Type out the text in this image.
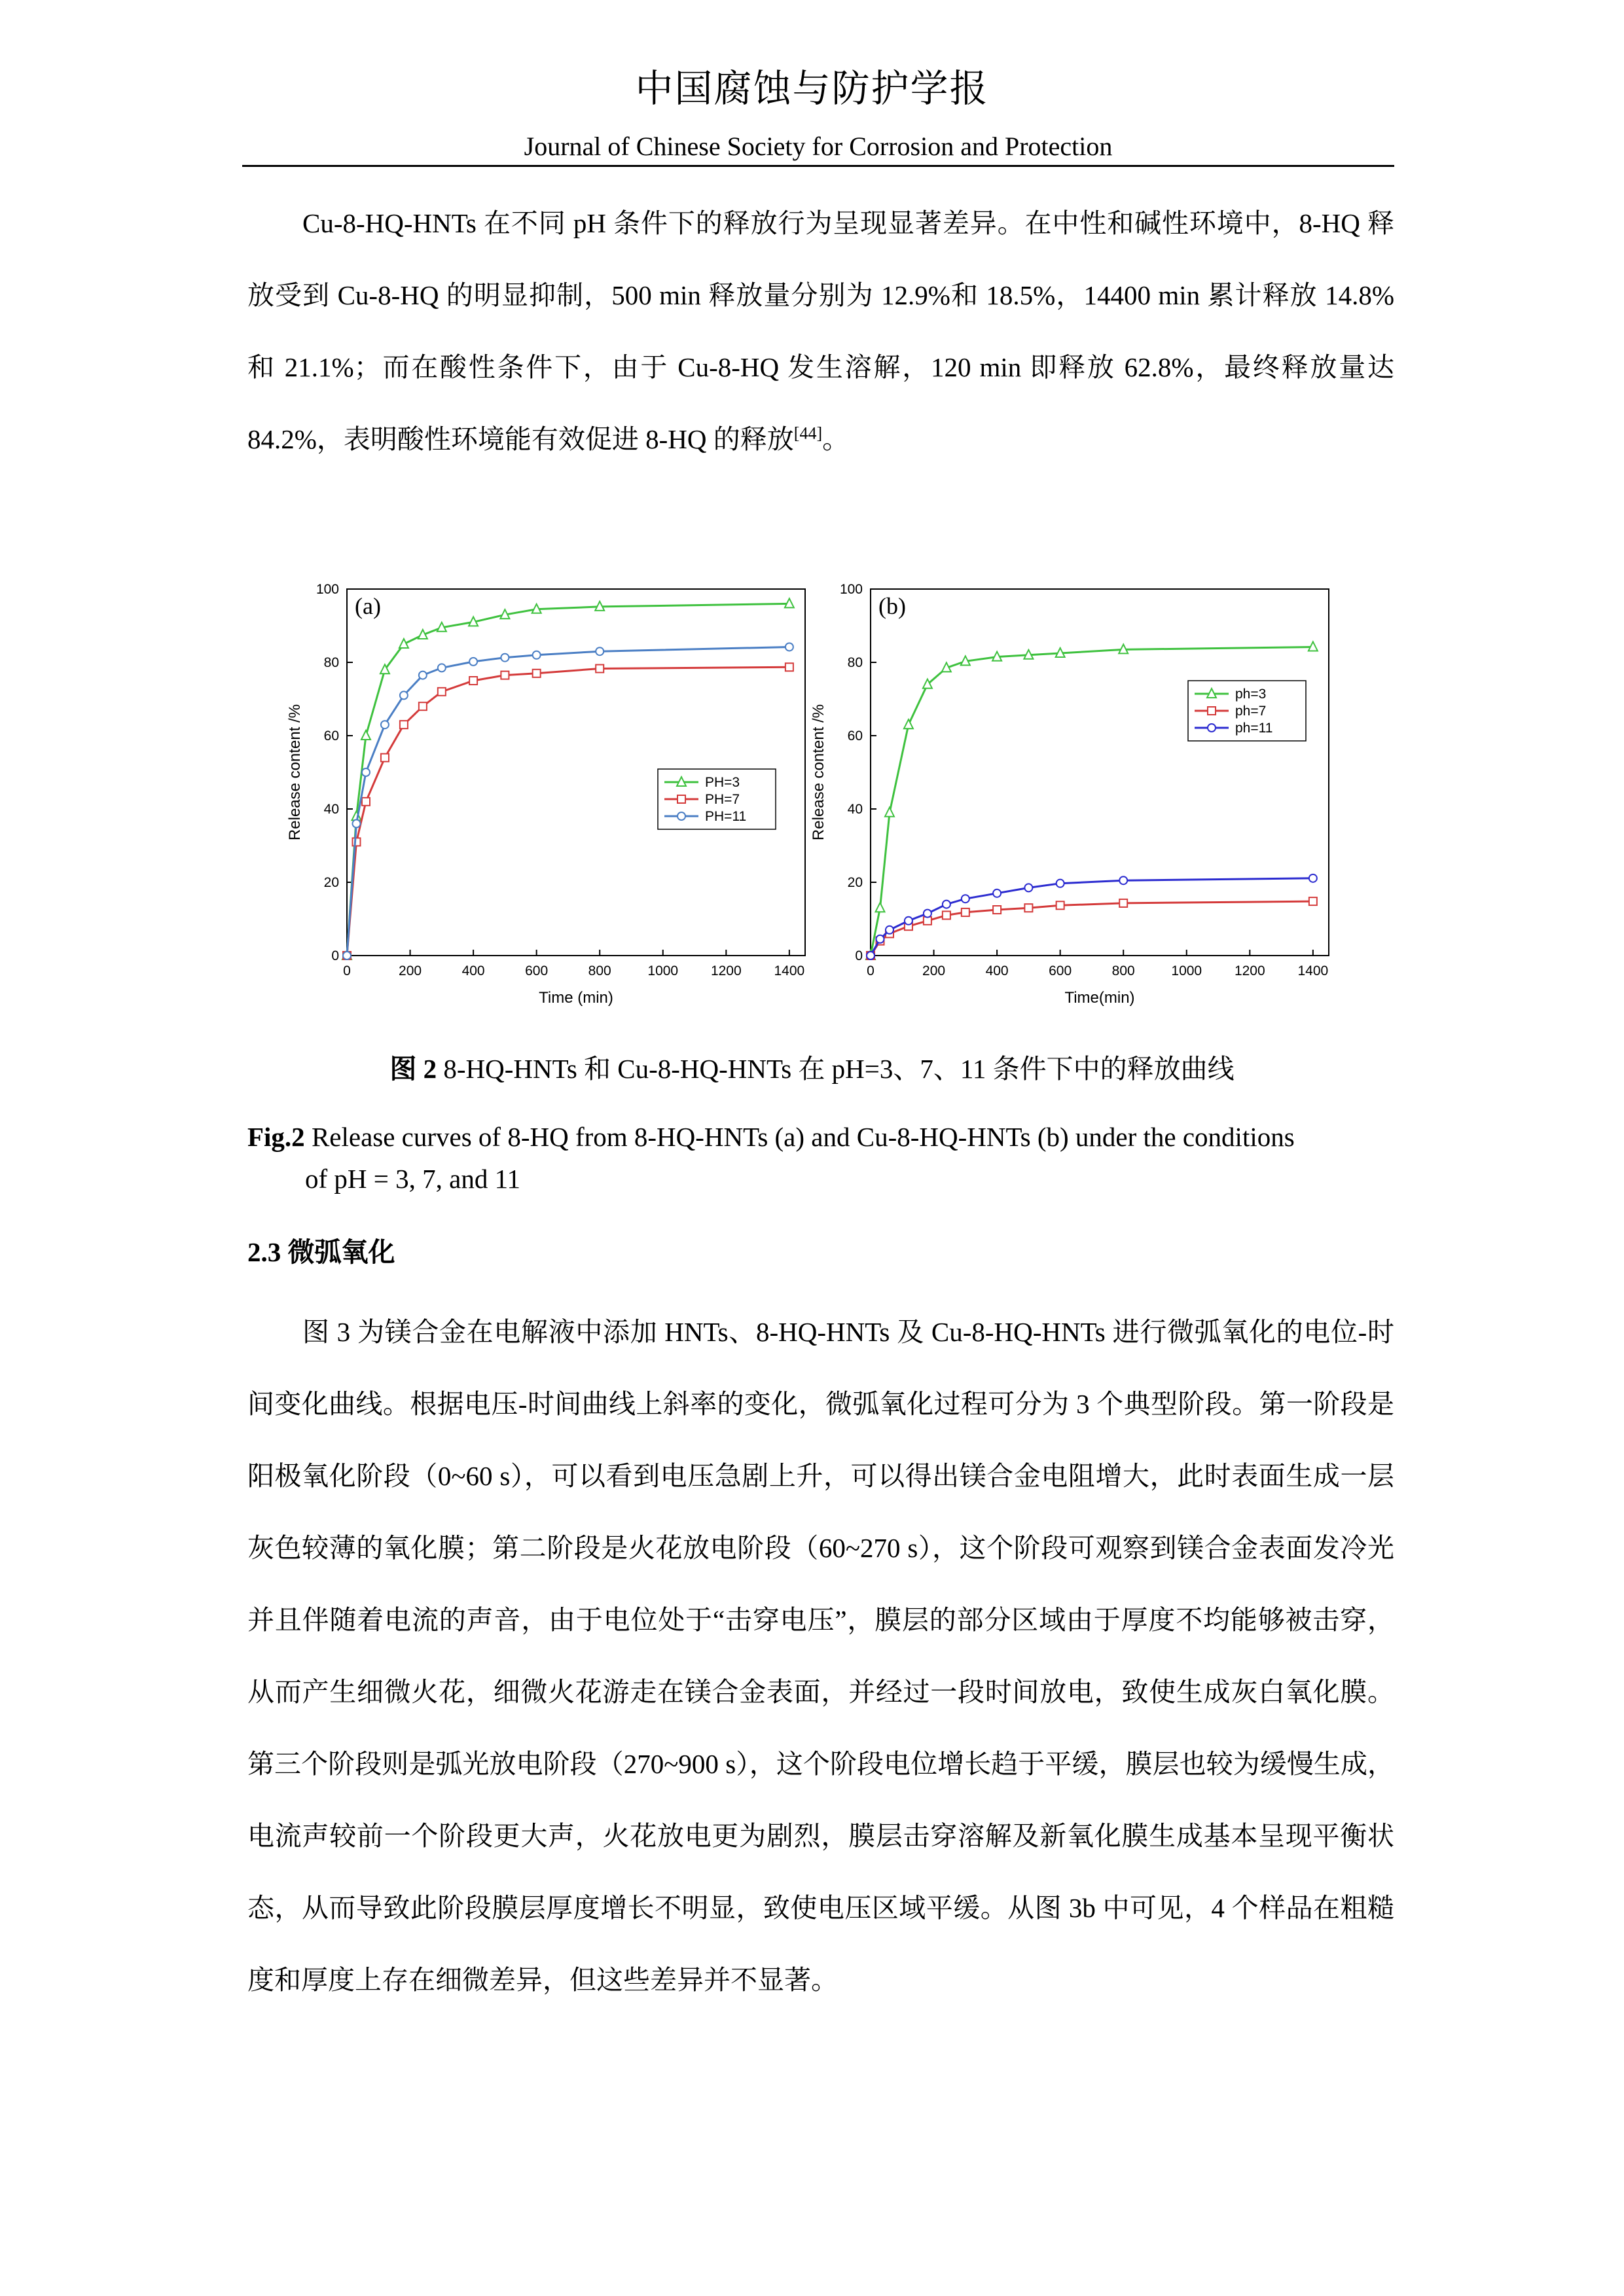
中国腐蚀与防护学报
Journal of Chinese Society for Corrosion and Protection

Cu-8-HQ-HNTs 在不同 pH 条件下的释放行为呈现显著差异。在中性和碱性环境中，8-HQ 释放受到 Cu-8-HQ 的明显抑制，500 min 释放量分别为 12.9%和 18.5%，14400 min 累计释放 14.8%和 21.1%；而在酸性条件下，由于 Cu-8-HQ 发生溶解，120 min 即释放 62.8%，最终释放量达 84.2%，表明酸性环境能有效促进 8-HQ 的释放[44]。

0
20
40
60
80
100
0	200	400	600	800	1000 1200 1400
Time (min)
Release content /%
(a)
PH=3
PH=7
PH=11
0
20
40
60
80
100
0	200	400	600	800	1000 1200 1400
Time(min)
Release content /%
(b)
ph=3
ph=7
ph=11
图 2 8-HQ-HNTs 和 Cu-8-HQ-HNTs 在 pH=3、7、11 条件下中的释放曲线
Fig.2 Release curves of 8-HQ from 8-HQ-HNTs (a) and Cu-8-HQ-HNTs (b) under the conditions
of pH = 3, 7, and 11
2.3 微弧氧化

图 3 为镁合金在电解液中添加 HNTs、8-HQ-HNTs 及 Cu-8-HQ-HNTs 进行微弧氧化的电位-时间变化曲线。根据电压-时间曲线上斜率的变化，微弧氧化过程可分为 3 个典型阶段。第一阶段是阳极氧化阶段（0~60 s），可以看到电压急剧上升，可以得出镁合金电阻增大，此时表面生成一层灰色较薄的氧化膜；第二阶段是火花放电阶段（60~270 s），这个阶段可观察到镁合金表面发冷光并且伴随着电流的声音，由于电位处于“击穿电压”，膜层的部分区域由于厚度不均能够被击穿，从而产生细微火花，细微火花游走在镁合金表面，并经过一段时间放电，致使生成灰白氧化膜。第三个阶段则是弧光放电阶段（270~900 s），这个阶段电位增长趋于平缓，膜层也较为缓慢生成，电流声较前一个阶段更大声，火花放电更为剧烈，膜层击穿溶解及新氧化膜生成基本呈现平衡状态，从而导致此阶段膜层厚度增长不明显，致使电压区域平缓。从图 3b 中可见，4 个样品在粗糙度和厚度上存在细微差异，但这些差异并不显著。
